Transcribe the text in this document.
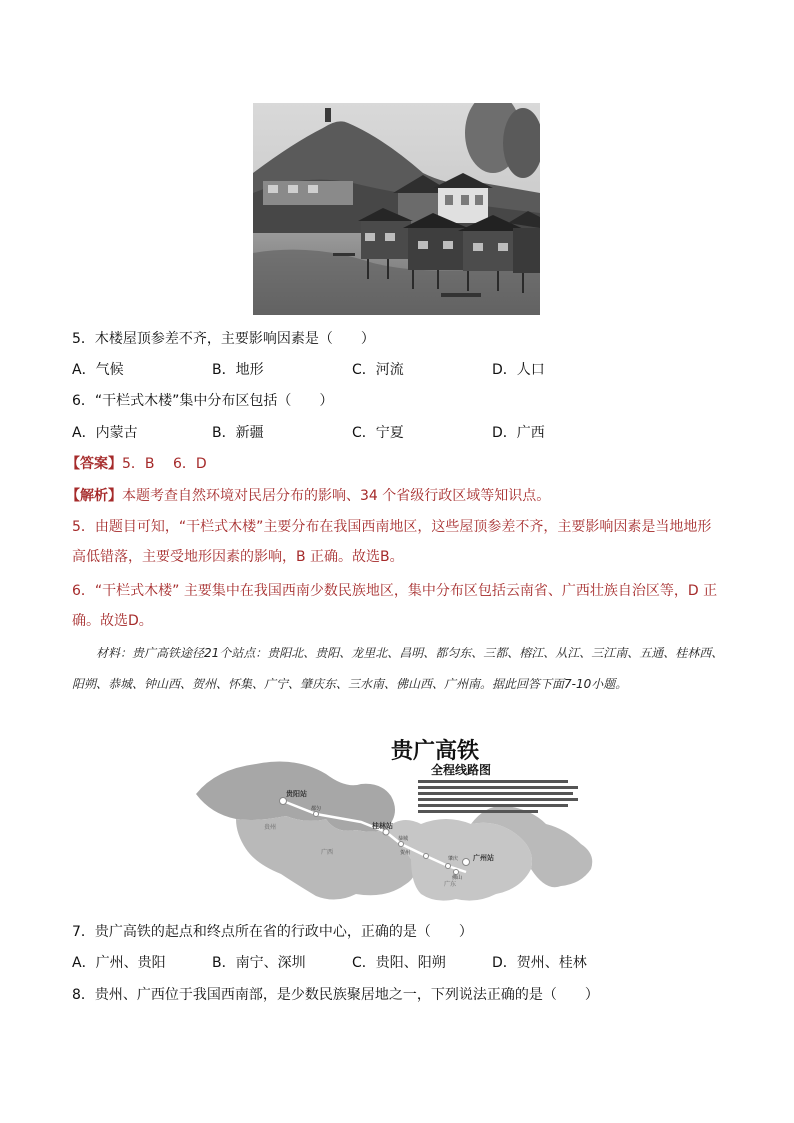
5．木楼屋顶参差不齐，主要影响因素是（　　）
A．气候	B．地形	C．河流	D．人口
6．“干栏式木楼”集中分布区包括（　　）
A．内蒙古	B．新疆	C．宁夏	D．广西
【答案】5．B　 6．D
【解析】本题考查自然环境对民居分布的影响、34 个省级行政区域等知识点。
5．由题目可知，“干栏式木楼”主要分布在我国西南地区，这些屋顶参差不齐，主要影响因素是当地地形高低错落，主要受地形因素的影响，B 正确。故选B。
6．“干栏式木楼” 主要集中在我国西南少数民族地区，集中分布区包括云南省、广西壮族自治区等，D 正确。故选D。
材料：贵广高铁途径21个站点：贵阳北、贵阳、龙里北、昌明、都匀东、三都、榕江、从江、三江南、五通、桂林西、阳朔、恭城、钟山西、贺州、怀集、广宁、肇庆东、三水南、佛山西、广州南。据此回答下面7-10小题。
贵阳站
都匀
桂林站
恭城
贺州
肇庆
佛山
广州站
贵州
广西
广东
贵广高铁
全程线路图
7．贵广高铁的起点和终点所在省的行政中心，正确的是（　　）
A．广州、贵阳	B．南宁、深圳	C．贵阳、阳朔	D．贺州、桂林
8．贵州、广西位于我国西南部，是少数民族聚居地之一，下列说法正确的是（　　）
